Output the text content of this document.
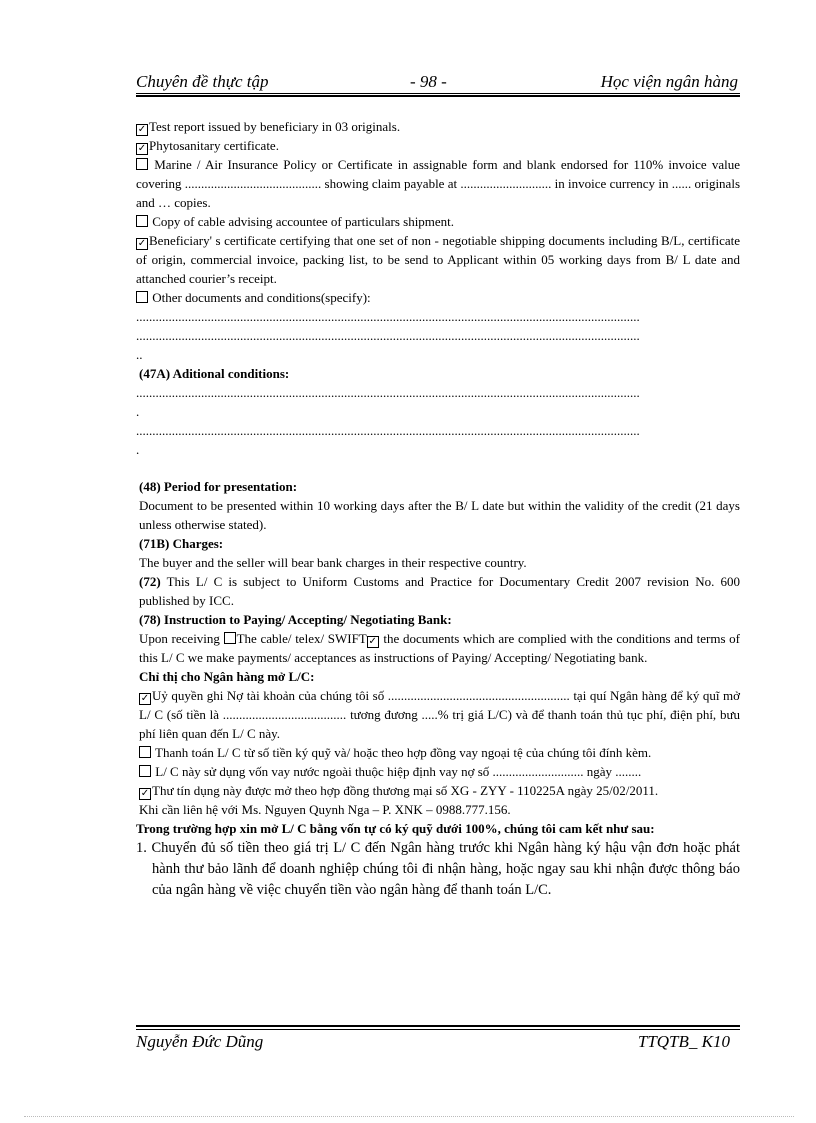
Chuyên đề thực tập	- 98 -	Học viện ngân hàng
✓Test report issued by beneficiary in 03 originals.
✓Phytosanitary certificate.
Marine / Air Insurance Policy or Certificate in assignable form and blank endorsed for 110% invoice value covering .......................................... showing claim payable at ............................ in invoice currency in ...... originals and … copies.
Copy of cable advising accountee of particulars shipment.
✓Beneficiary' s certificate certifying that one set of non - negotiable shipping documents including B/L, certificate of origin, commercial invoice, packing list, to be send to Applicant within 05 working days from B/ L date and attanched courier’s receipt.
Other documents and conditions(specify):
...........................................................................................................................................................
...........................................................................................................................................................
..
(47A) Aditional conditions:
...........................................................................................................................................................
.
...........................................................................................................................................................
.
(48) Period for presentation:
Document to be presented within 10 working days after the B/ L date but within the validity of the credit (21 days unless otherwise stated).
(71B) Charges:
The buyer and the seller will bear bank charges in their respective country.
(72) This L/ C is subject to Uniform Customs and Practice for Documentary Credit 2007 revision No. 600 published by ICC.
(78) Instruction to Paying/ Accepting/ Negotiating Bank:
Upon receiving The cable/ telex/ SWIFT✓ the documents which are complied with the conditions and terms of this L/ C we make payments/ acceptances as instructions of Paying/ Accepting/ Negotiating bank.
Chỉ thị cho Ngân hàng mở L/C:
✓Uỷ quyền ghi Nợ tài khoản của chúng tôi số ........................................................ tại quí Ngân hàng để ký quĩ mở L/ C (số tiền là ...................................... tương đương .....% trị giá L/C) và để thanh toán thủ tục phí, điện phí, bưu phí liên quan đến L/ C này.
Thanh toán L/ C từ số tiền ký quỹ và/ hoặc theo hợp đồng vay ngoại tệ của chúng tôi đính kèm.
L/ C này sử dụng vốn vay nước ngoài thuộc hiệp định vay nợ số ............................ ngày ........
✓Thư tín dụng này được mở theo hợp đồng thương mại số XG - ZYY - 110225A ngày 25/02/2011.
Khi cần liên hệ với Ms. Nguyen Quynh Nga – P. XNK – 0988.777.156.
Trong trường hợp xin mở L/ C bằng vốn tự có ký quỹ dưới 100%, chúng tôi cam kết như sau:
1. Chuyển đủ số tiền theo giá trị L/ C đến Ngân hàng trước khi Ngân hàng ký hậu vận đơn hoặc phát hành thư bảo lãnh để doanh nghiệp chúng tôi đi nhận hàng, hoặc ngay sau khi nhận được thông báo của ngân hàng về việc chuyển tiền vào ngân hàng để thanh toán L/C.
Nguyễn Đức Dũng	TTQTB_ K10
